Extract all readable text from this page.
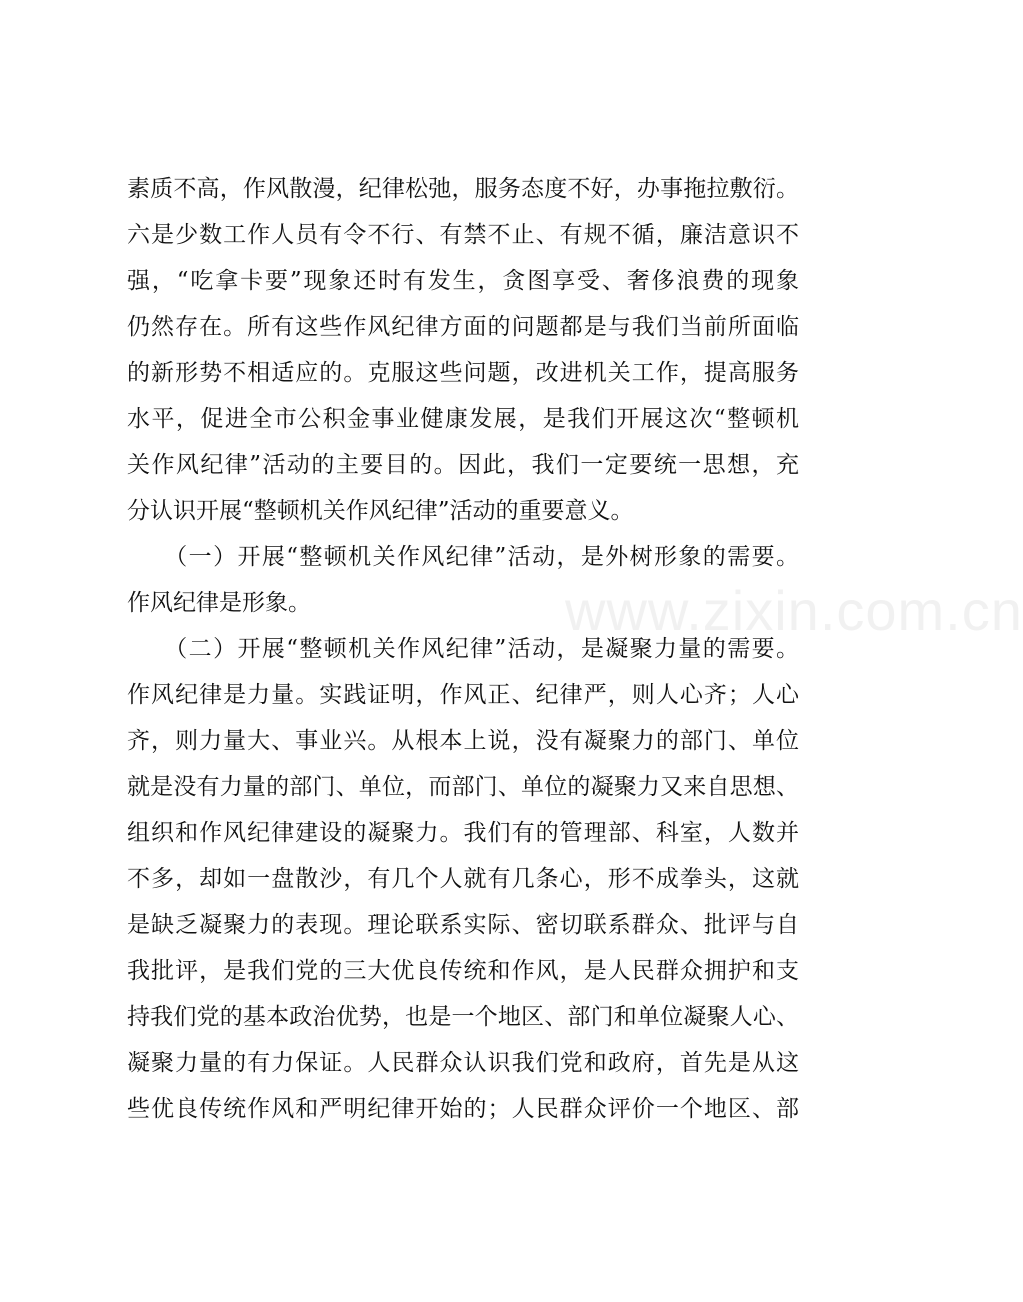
素质不高，作风散漫，纪律松弛，服务态度不好，办事拖拉敷衍。
六是少数工作人员有令不行、有禁不止、有规不循，廉洁意识不
强，“吃拿卡要”现象还时有发生，贪图享受、奢侈浪费的现象
仍然存在。所有这些作风纪律方面的问题都是与我们当前所面临
的新形势不相适应的。克服这些问题，改进机关工作，提高服务
水平，促进全市公积金事业健康发展，是我们开展这次“整顿机
关作风纪律”活动的主要目的。因此，我们一定要统一思想，充
分认识开展“整顿机关作风纪律”活动的重要意义。
　　（一）开展“整顿机关作风纪律”活动，是外树形象的需要。
作风纪律是形象。
　　（二）开展“整顿机关作风纪律”活动，是凝聚力量的需要。
作风纪律是力量。实践证明，作风正、纪律严，则人心齐；人心
齐，则力量大、事业兴。从根本上说，没有凝聚力的部门、单位
就是没有力量的部门、单位，而部门、单位的凝聚力又来自思想、
组织和作风纪律建设的凝聚力。我们有的管理部、科室，人数并
不多，却如一盘散沙，有几个人就有几条心，形不成拳头，这就
是缺乏凝聚力的表现。理论联系实际、密切联系群众、批评与自
我批评，是我们党的三大优良传统和作风，是人民群众拥护和支
持我们党的基本政治优势，也是一个地区、部门和单位凝聚人心、
凝聚力量的有力保证。人民群众认识我们党和政府，首先是从这
些优良传统作风和严明纪律开始的；人民群众评价一个地区、部
www.zixin.com.cn
